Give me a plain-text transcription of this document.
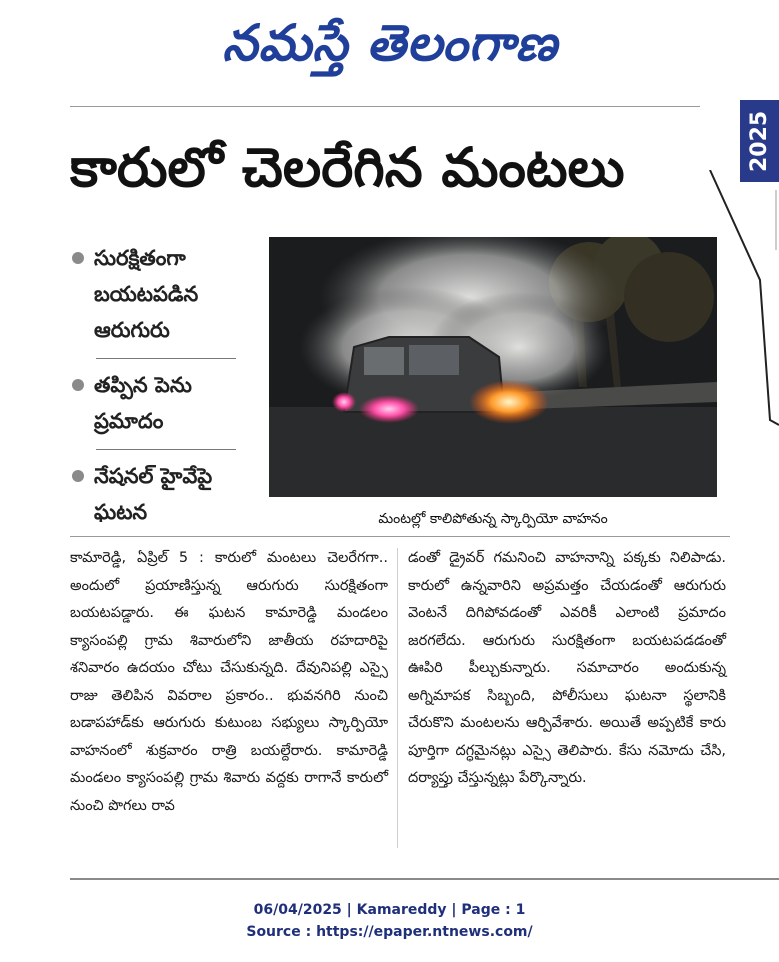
నమస్తే తెలంగాణ
2025
కారులో చెలరేగిన మంటలు
సురక్షితంగా బయటపడిన ఆరుగురు
తప్పిన పెను ప్రమాదం
నేషనల్ హైవేపై ఘటన	మంటల్లో కాలిపోతున్న స్కార్పియో వాహనం
కామారెడ్డి, ఏప్రిల్ 5 : కారులో మంటలు చెలరేగగా.. అందులో ప్రయాణిస్తున్న ఆరుగురు సురక్షితంగా బయటపడ్డారు. ఈ ఘటన కామారెడ్డి మండలం క్యాసంపల్లి గ్రామ శివారులోని జాతీయ రహదారిపై శనివారం ఉదయం చోటు చేసుకున్నది. దేవునిపల్లి ఎస్సై రాజు తెలిపిన వివరాల ప్రకారం.. భువనగిరి నుంచి బడాపహాడ్‌కు ఆరుగురు కుటుంబ సభ్యులు స్కార్పియో వాహనంలో శుక్రవారం రాత్రి బయల్దేరారు. కామారెడ్డి మండలం క్యాసంపల్లి గ్రామ శివారు వద్దకు రాగానే కారులో నుంచి పొగలు రావ
డంతో డ్రైవర్ గమనించి వాహనాన్ని పక్కకు నిలిపాడు. కారులో ఉన్నవారిని అప్రమత్తం చేయడంతో ఆరుగురు వెంటనే దిగిపోవడంతో ఎవరికీ ఎలాంటి ప్రమాదం జరగలేదు. ఆరుగురు సురక్షితంగా బయటపడడంతో ఊపిరి పీల్చుకున్నారు. సమాచారం అందుకున్న అగ్నిమాపక సిబ్బంది, పోలీసులు ఘటనా స్థలానికి చేరుకొని మంటలను ఆర్పివేశారు. అయితే అప్పటికే కారు పూర్తిగా దగ్ధమైనట్లు ఎస్సై తెలిపారు. కేసు నమోదు చేసి, దర్యాప్తు చేస్తున్నట్లు పేర్కొన్నారు.
06/04/2025 | Kamareddy | Page : 1
Source : https://epaper.ntnews.com/
